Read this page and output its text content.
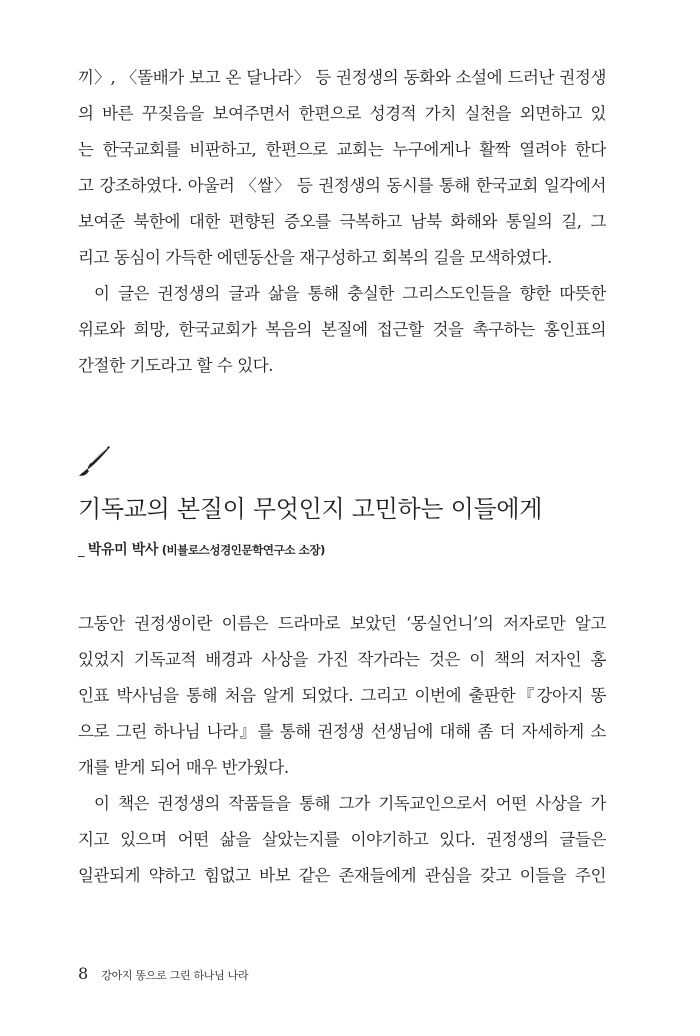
끼〉, 〈똘배가 보고 온 달나라〉 등 권정생의 동화와 소설에 드러난 권정생
의 바른 꾸짖음을 보여주면서 한편으로 성경적 가치 실천을 외면하고 있
는 한국교회를 비판하고, 한편으로 교회는 누구에게나 활짝 열려야 한다
고 강조하였다. 아울러 〈쌀〉 등 권정생의 동시를 통해 한국교회 일각에서
보여준 북한에 대한 편향된 증오를 극복하고 남북 화해와 통일의 길, 그
리고 동심이 가득한 에덴동산을 재구성하고 회복의 길을 모색하였다.
이 글은 권정생의 글과 삶을 통해 충실한 그리스도인들을 향한 따뜻한
위로와 희망, 한국교회가 복음의 본질에 접근할 것을 촉구하는 홍인표의
간절한 기도라고 할 수 있다.
기독교의 본질이 무엇인지 고민하는 이들에게
_ 박유미 박사 (비블로스성경인문학연구소 소장)
그동안 권정생이란 이름은 드라마로 보았던 ‘몽실언니’의 저자로만 알고
있었지 기독교적 배경과 사상을 가진 작가라는 것은 이 책의 저자인 홍
인표 박사님을 통해 처음 알게 되었다. 그리고 이번에 출판한『강아지 똥
으로 그린 하나님 나라』를 통해 권정생 선생님에 대해 좀 더 자세하게 소
개를 받게 되어 매우 반가웠다.
이 책은 권정생의 작품들을 통해 그가 기독교인으로서 어떤 사상을 가
지고 있으며 어떤 삶을 살았는지를 이야기하고 있다. 권정생의 글들은
일관되게 약하고 힘없고 바보 같은 존재들에게 관심을 갖고 이들을 주인
8 강아지 똥으로 그린 하나님 나라
